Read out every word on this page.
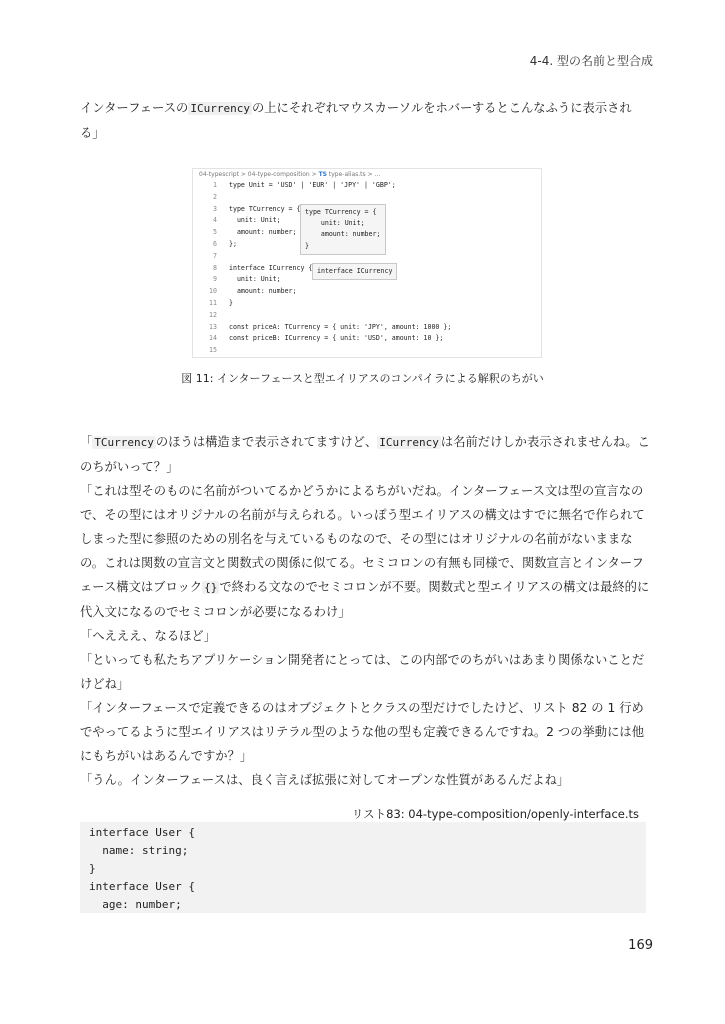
4-4. 型の名前と型合成
インターフェースの ICurrency の上にそれぞれマウスカーソルをホバーするとこんなふうに表示され
る」
04-typescript > 04-type-composition > TS type-alias.ts > ...
1 type Unit = 'USD' | 'EUR' | 'JPY' | 'GBP';
2
3 type TCurrency = {
4 unit: Unit;
5 amount: number;
6 };
7
8 interface ICurrency {
9 unit: Unit;
10 amount: number;
11 }
12
13 const priceA: TCurrency = { unit: 'JPY', amount: 1000 };
14 const priceB: ICurrency = { unit: 'USD', amount: 10 };
15
type TCurrency = {
unit: Unit;
amount: number;
}
interface ICurrency
図 11: インターフェースと型エイリアスのコンパイラによる解釈のちがい
「 TCurrency のほうは構造まで表示されてますけど、 ICurrency は名前だけしか表示されませんね。このちがいって？」
「これは型そのものに名前がついてるかどうかによるちがいだね。インターフェース文は型の宣言なので、その型にはオリジナルの名前が与えられる。いっぽう型エイリアスの構文はすでに無名で作られてしまった型に参照のための別名を与えているものなので、その型にはオリジナルの名前がないままなの。これは関数の宣言文と関数式の関係に似てる。セミコロンの有無も同様で、関数宣言とインターフェース構文はブロック {} で終わる文なのでセミコロンが不要。関数式と型エイリアスの構文は最終的に代入文になるのでセミコロンが必要になるわけ」
「へえええ、なるほど」
「といっても私たちアプリケーション開発者にとっては、この内部でのちがいはあまり関係ないことだけどね」
「インターフェースで定義できるのはオブジェクトとクラスの型だけでしたけど、リスト 82 の 1 行めでやってるように型エイリアスはリテラル型のような他の型も定義できるんですね。2 つの挙動には他にもちがいはあるんですか？」
「うん。インターフェースは、良く言えば拡張に対してオープンな性質があるんだよね」
リスト83: 04-type-composition/openly-interface.ts
interface User {
name: string;
}
interface User {
age: number;
169
